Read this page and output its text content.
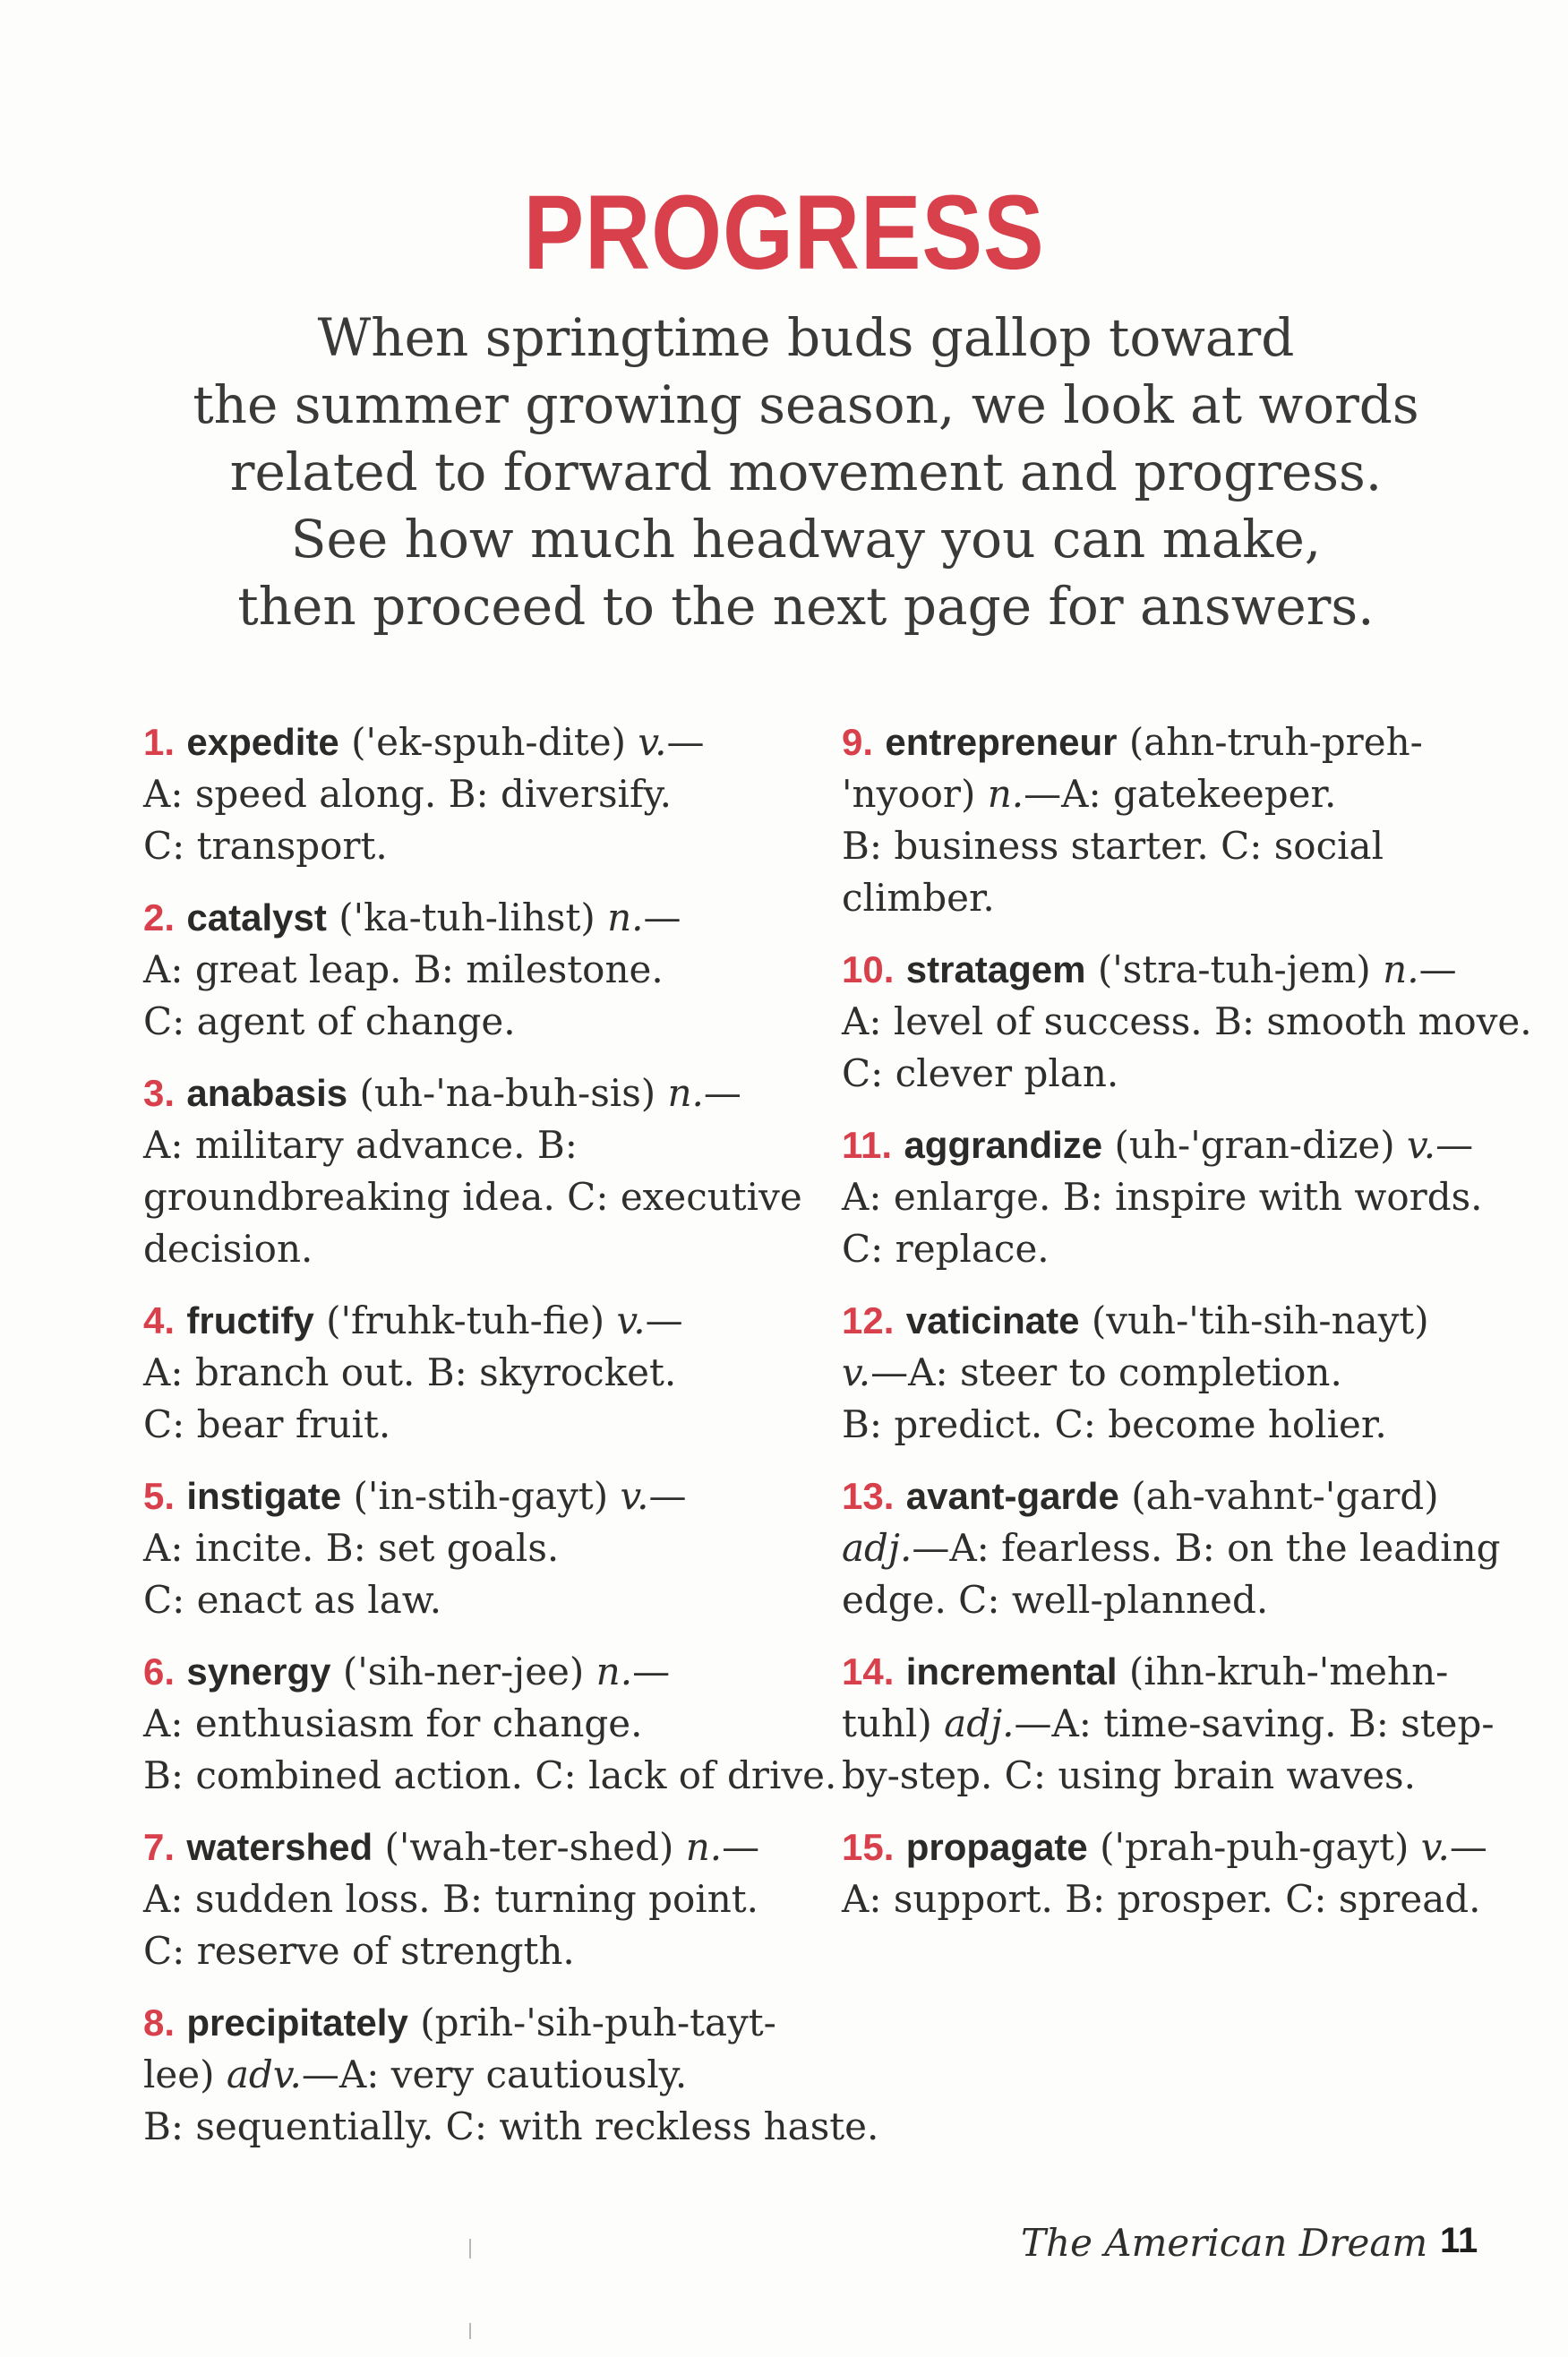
PROGRESS
When springtime buds gallop toward
the summer growing season, we look at words
related to forward movement and progress.
See how much headway you can make,
then proceed to the next page for answers.
1. expedite ('ek-spuh-dite) v.—
A: speed along. B: diversify.
C: transport.
2. catalyst ('ka-tuh-lihst) n.—
A: great leap. B: milestone.
C: agent of change.
3. anabasis (uh-'na-buh-sis) n.—
A: military advance. B:
groundbreaking idea. C: executive
decision.
4. fructify ('fruhk-tuh-fie) v.—
A: branch out. B: skyrocket.
C: bear fruit.
5. instigate ('in-stih-gayt) v.—
A: incite. B: set goals.
C: enact as law.
6. synergy ('sih-ner-jee) n.—
A: enthusiasm for change.
B: combined action. C: lack of drive.
7. watershed ('wah-ter-shed) n.—
A: sudden loss. B: turning point.
C: reserve of strength.
8. precipitately (prih-'sih-puh-tayt-
lee) adv.—A: very cautiously.
B: sequentially. C: with reckless haste.
9. entrepreneur (ahn-truh-preh-
'nyoor) n.—A: gatekeeper.
B: business starter. C: social
climber.
10. stratagem ('stra-tuh-jem) n.—
A: level of success. B: smooth move.
C: clever plan.
11. aggrandize (uh-'gran-dize) v.—
A: enlarge. B: inspire with words.
C: replace.
12. vaticinate (vuh-'tih-sih-nayt)
v.—A: steer to completion.
B: predict. C: become holier.
13. avant-garde (ah-vahnt-'gard)
adj.—A: fearless. B: on the leading
edge. C: well-planned.
14. incremental (ihn-kruh-'mehn-
tuhl) adj.—A: time-saving. B: step-
by-step. C: using brain waves.
15. propagate ('prah-puh-gayt) v.—
A: support. B: prosper. C: spread.
The American Dream 11
